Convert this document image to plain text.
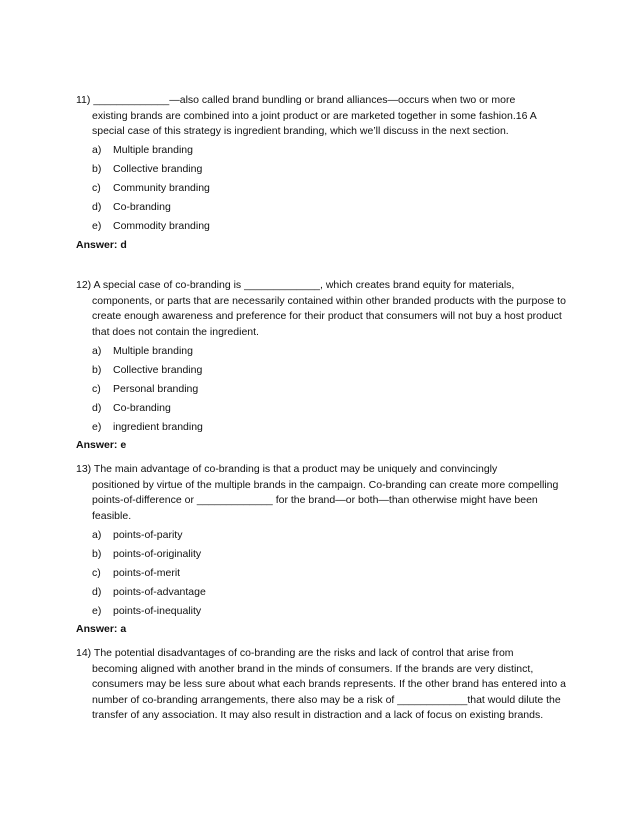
11) _____________—also called brand bundling or brand alliances—occurs when two or more
existing brands are combined into a joint product or are marketed together in some fashion.16 A special case of this strategy is ingredient branding, which we’ll discuss in the next section.
a)	Multiple branding
b)	Collective branding
c)	Community branding
d)	Co-branding
e)	Commodity branding
Answer: d
12) A special case of co-branding is _____________, which creates brand equity for materials,
components, or parts that are necessarily contained within other branded products with the purpose to create enough awareness and preference for their product that consumers will not buy a host product that does not contain the ingredient.
a)	Multiple branding
b)	Collective branding
c)	Personal branding
d)	Co-branding
e)	ingredient branding
Answer: e
13) The main advantage of co-branding is that a product may be uniquely and convincingly
positioned by virtue of the multiple brands in the campaign. Co-branding can create more compelling points-of-difference or _____________ for the brand—or both—than otherwise might have been feasible.
a)	points-of-parity
b)	points-of-originality
c)	points-of-merit
d)	points-of-advantage
e)	points-of-inequality
Answer: a
14) The potential disadvantages of co-branding are the risks and lack of control that arise from
becoming aligned with another brand in the minds of consumers. If the brands are very distinct, consumers may be less sure about what each brands represents. If the other brand has entered into a number of co-branding arrangements, there also may be a risk of ____________that would dilute the transfer of any association. It may also result in distraction and a lack of focus on existing brands.
